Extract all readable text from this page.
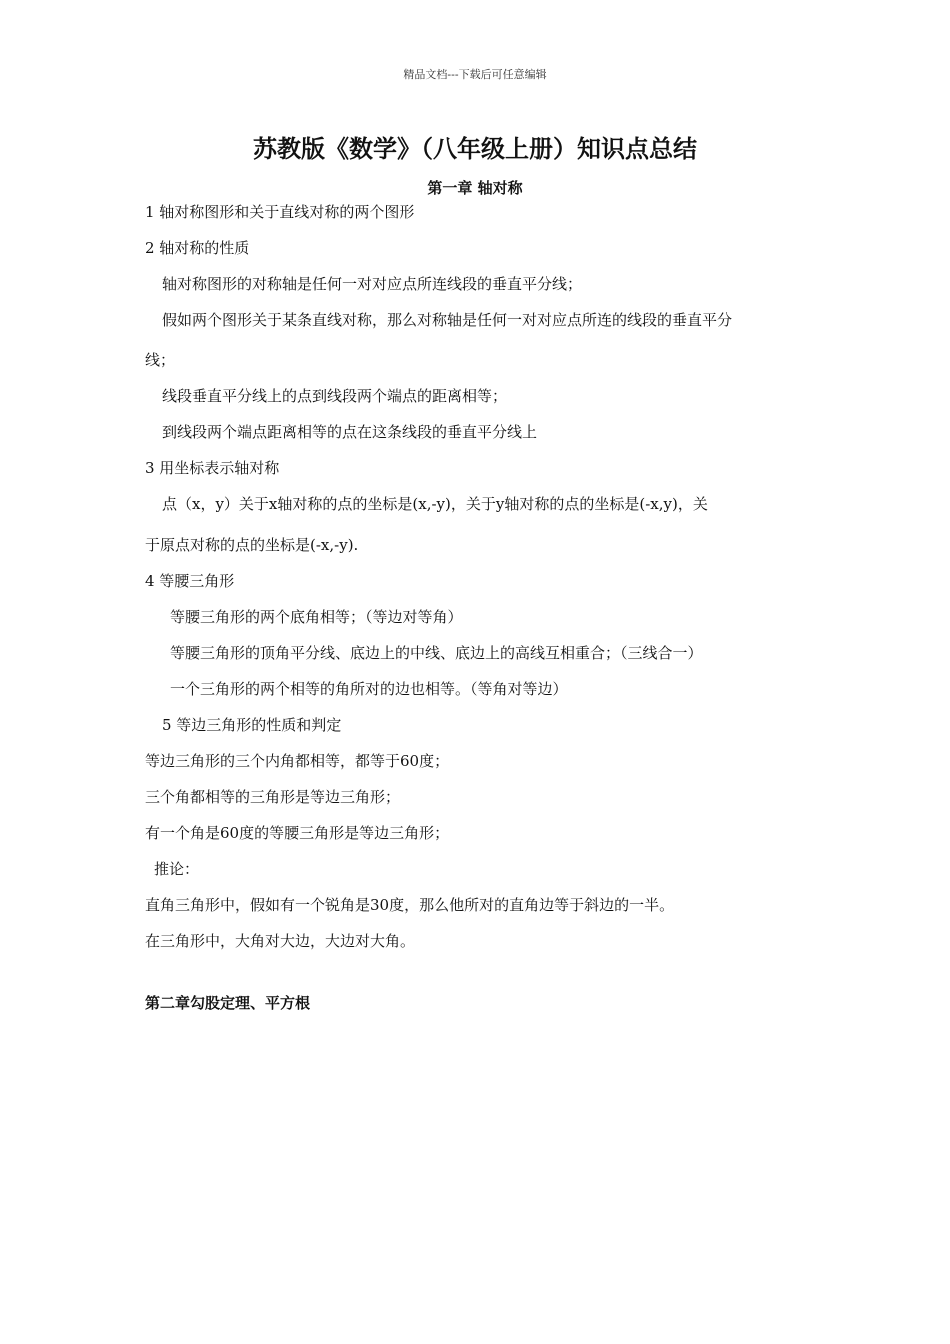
精品文档---下载后可任意编辑
苏教版《数学》（八年级上册）知识点总结
第一章 轴对称
1 轴对称图形和关于直线对称的两个图形
2 轴对称的性质
轴对称图形的对称轴是任何一对对应点所连线段的垂直平分线；
假如两个图形关于某条直线对称，那么对称轴是任何一对对应点所连的线段的垂直平分
线；
线段垂直平分线上的点到线段两个端点的距离相等；
到线段两个端点距离相等的点在这条线段的垂直平分线上
3 用坐标表示轴对称
点（x，y）关于x轴对称的点的坐标是(x,-y)，关于y轴对称的点的坐标是(-x,y)，关
于原点对称的点的坐标是(-x,-y).
4 等腰三角形
等腰三角形的两个底角相等；（等边对等角）
等腰三角形的顶角平分线、底边上的中线、底边上的高线互相重合；（三线合一）
一个三角形的两个相等的角所对的边也相等。（等角对等边）
5 等边三角形的性质和判定
等边三角形的三个内角都相等，都等于60度；
三个角都相等的三角形是等边三角形；
有一个角是60度的等腰三角形是等边三角形；
推论：
直角三角形中，假如有一个锐角是30度，那么他所对的直角边等于斜边的一半。
在三角形中，大角对大边，大边对大角。
第二章勾股定理、平方根
